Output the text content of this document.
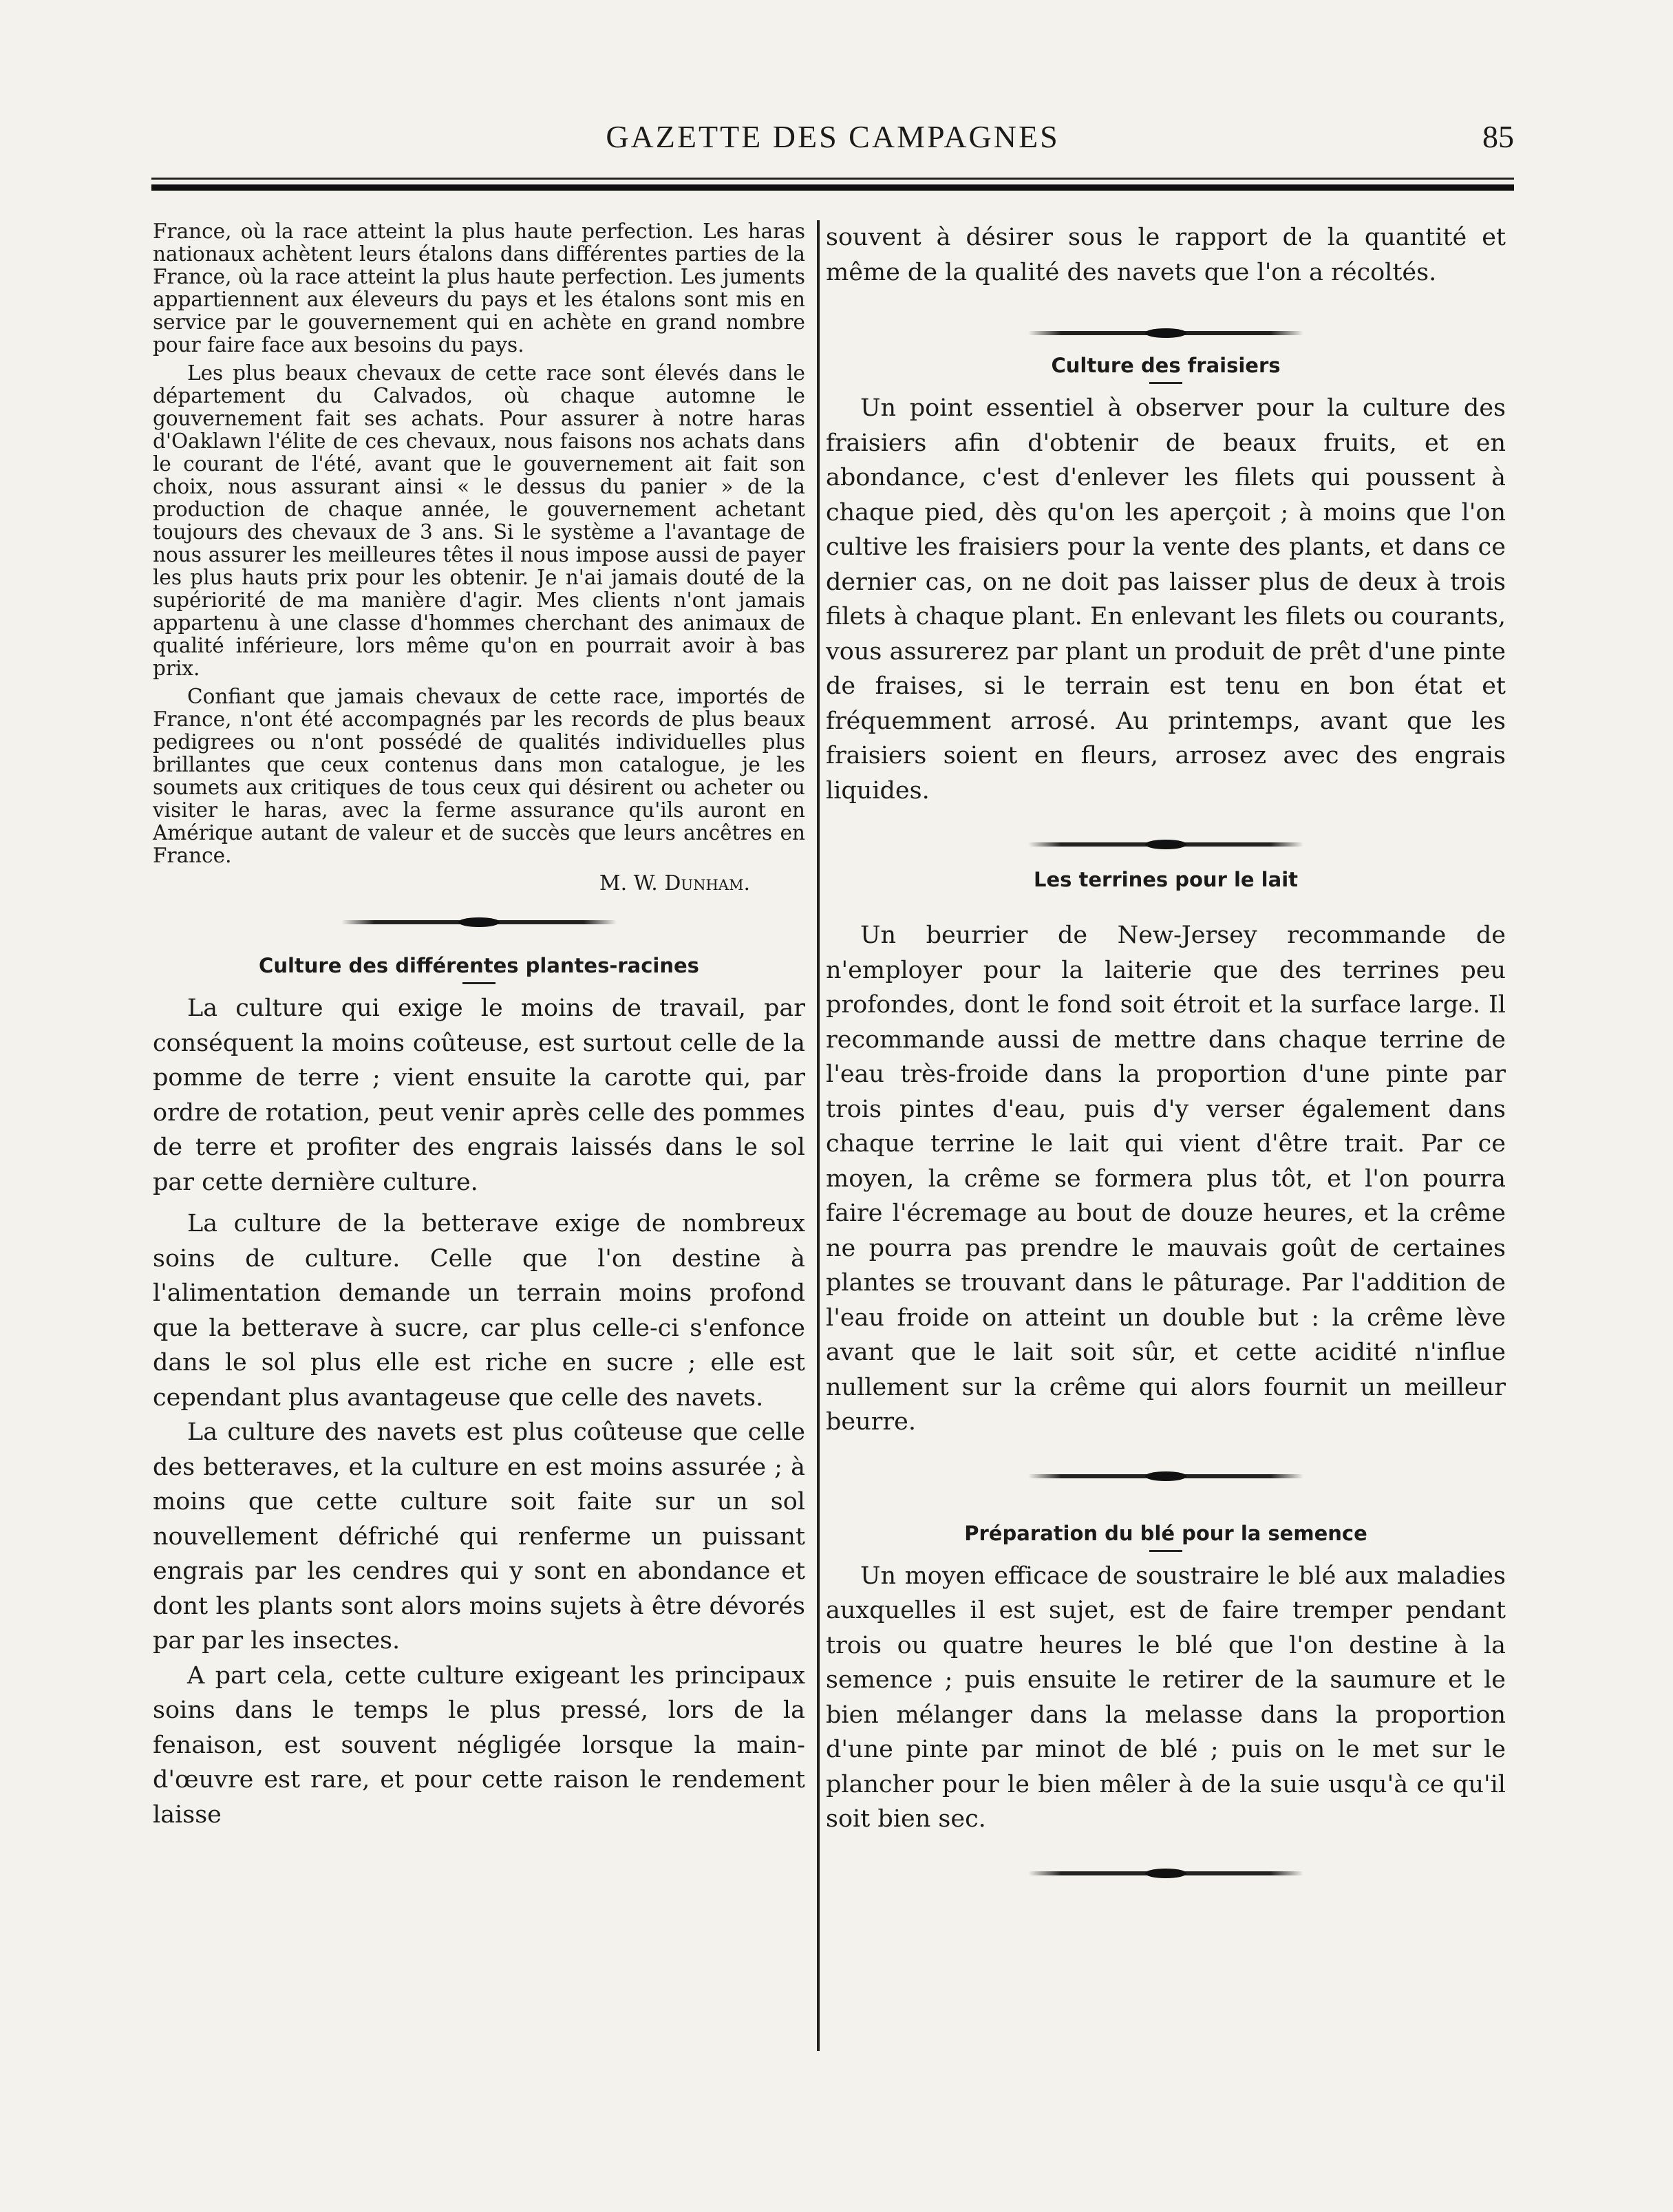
GAZETTE DES CAMPAGNES	85

France, où la race atteint la plus haute perfection. Les haras nationaux achètent leurs étalons dans différentes parties de la France, où la race atteint la plus haute perfection. Les juments appartiennent aux éleveurs du pays et les étalons sont mis en service par le gouvernement qui en achète en grand nombre pour faire face aux besoins du pays.

Les plus beaux chevaux de cette race sont élevés dans le département du Calvados, où chaque automne le gouvernement fait ses achats. Pour assurer à notre haras d'Oaklawn l'élite de ces chevaux, nous faisons nos achats dans le courant de l'été, avant que le gouvernement ait fait son choix, nous assurant ainsi « le dessus du panier » de la production de chaque année, le gouvernement achetant toujours des chevaux de 3 ans. Si le système a l'avantage de nous assurer les meilleures têtes il nous impose aussi de payer les plus hauts prix pour les obtenir. Je n'ai jamais douté de la supériorité de ma manière d'agir. Mes clients n'ont jamais appartenu à une classe d'hommes cherchant des animaux de qualité inférieure, lors même qu'on en pourrait avoir à bas prix.

Confiant que jamais chevaux de cette race, importés de France, n'ont été accompagnés par les records de plus beaux pedigrees ou n'ont possédé de qualités individuelles plus brillantes que ceux contenus dans mon catalogue, je les soumets aux critiques de tous ceux qui désirent ou acheter ou visiter le haras, avec la ferme assurance qu'ils auront en Amérique autant de valeur et de succès que leurs ancêtres en France.

M. W. Dunham.
Culture des différentes plantes-racines

La culture qui exige le moins de travail, par conséquent la moins coûteuse, est surtout celle de la pomme de terre ; vient ensuite la carotte qui, par ordre de rotation, peut venir après celle des pommes de terre et profiter des engrais laissés dans le sol par cette dernière culture.

La culture de la betterave exige de nombreux soins de culture. Celle que l'on destine à l'alimentation demande un terrain moins profond que la betterave à sucre, car plus celle-ci s'enfonce dans le sol plus elle est riche en sucre ; elle est cependant plus avantageuse que celle des navets.

La culture des navets est plus coûteuse que celle des betteraves, et la culture en est moins assurée ; à moins que cette culture soit faite sur un sol nouvellement défriché qui renferme un puissant engrais par les cendres qui y sont en abondance et dont les plants sont alors moins sujets à être dévorés par par les insectes.

A part cela, cette culture exigeant les principaux soins dans le temps le plus pressé, lors de la fenaison, est souvent négligée lorsque la main-d'œuvre est rare, et pour cette raison le rendement laisse

souvent à désirer sous le rapport de la quantité et même de la qualité des navets que l'on a récoltés.

Culture des fraisiers

Un point essentiel à observer pour la culture des fraisiers afin d'obtenir de beaux fruits, et en abondance, c'est d'enlever les filets qui poussent à chaque pied, dès qu'on les aperçoit ; à moins que l'on cultive les fraisiers pour la vente des plants, et dans ce dernier cas, on ne doit pas laisser plus de deux à trois filets à chaque plant. En enlevant les filets ou courants, vous assurerez par plant un produit de prêt d'une pinte de fraises, si le terrain est tenu en bon état et fréquemment arrosé. Au printemps, avant que les fraisiers soient en fleurs, arrosez avec des engrais liquides.

Les terrines pour le lait

Un beurrier de New-Jersey recommande de n'employer pour la laiterie que des terrines peu profondes, dont le fond soit étroit et la surface large. Il recommande aussi de mettre dans chaque terrine de l'eau très-froide dans la proportion d'une pinte par trois pintes d'eau, puis d'y verser également dans chaque terrine le lait qui vient d'être trait. Par ce moyen, la crême se formera plus tôt, et l'on pourra faire l'écremage au bout de douze heures, et la crême ne pourra pas prendre le mauvais goût de certaines plantes se trouvant dans le pâturage. Par l'addition de l'eau froide on atteint un double but : la crême lève avant que le lait soit sûr, et cette acidité n'influe nullement sur la crême qui alors fournit un meilleur beurre.

Préparation du blé pour la semence

Un moyen efficace de soustraire le blé aux maladies auxquelles il est sujet, est de faire tremper pendant trois ou quatre heures le blé que l'on destine à la semence ; puis ensuite le retirer de la saumure et le bien mélanger dans la melasse dans la proportion d'une pinte par minot de blé ; puis on le met sur le plancher pour le bien mêler à de la suie usqu'à ce qu'il soit bien sec.
